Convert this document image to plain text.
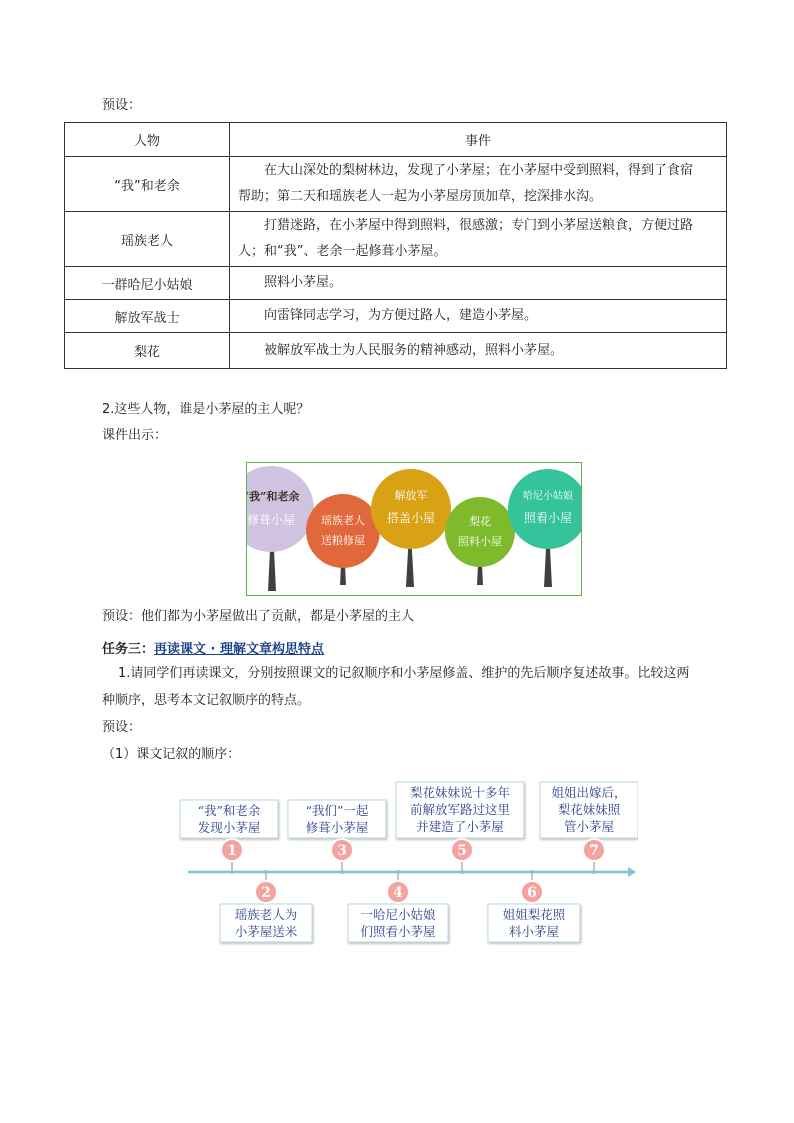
预设：
人物	事件
“我”和老余	在大山深处的梨树林边，发现了小茅屋；在小茅屋中受到照料，得到了食宿
帮助；第二天和瑶族老人一起为小茅屋房顶加草，挖深排水沟。
瑶族老人	打猎迷路，在小茅屋中得到照料，很感激；专门到小茅屋送粮食，方便过路
人；和“我”、老余一起修葺小茅屋。
一群哈尼小姑娘	照料小茅屋。
解放军战士	向雷锋同志学习，为方便过路人，建造小茅屋。
梨花	被解放军战士为人民服务的精神感动，照料小茅屋。
2.这些人物，谁是小茅屋的主人呢？
课件出示：
“我”和老余
修葺小屋 瑶族老人
送粮修屋
解放军
搭盖小屋	梨花
照料小屋
哈尼小姑娘
照看小屋
预设：他们都为小茅屋做出了贡献，都是小茅屋的主人
任务三：再读课文 · 理解文章构思特点
1.请同学们再读课文，分别按照课文的记叙顺序和小茅屋修盖、维护的先后顺序复述故事。比较这两
种顺序，思考本文记叙顺序的特点。
预设：
（1）课文记叙的顺序：
“我”和老余
发现小茅屋
“我们”一起
修葺小茅屋
梨花妹妹说十多年
前解放军路过这里
并建造了小茅屋
姐姐出嫁后，
梨花妹妹照
管小茅屋
瑶族老人为
小茅屋送米
一哈尼小姑娘
们照看小茅屋
姐姐梨花照
料小茅屋
1
2
3
4
5
6
7
